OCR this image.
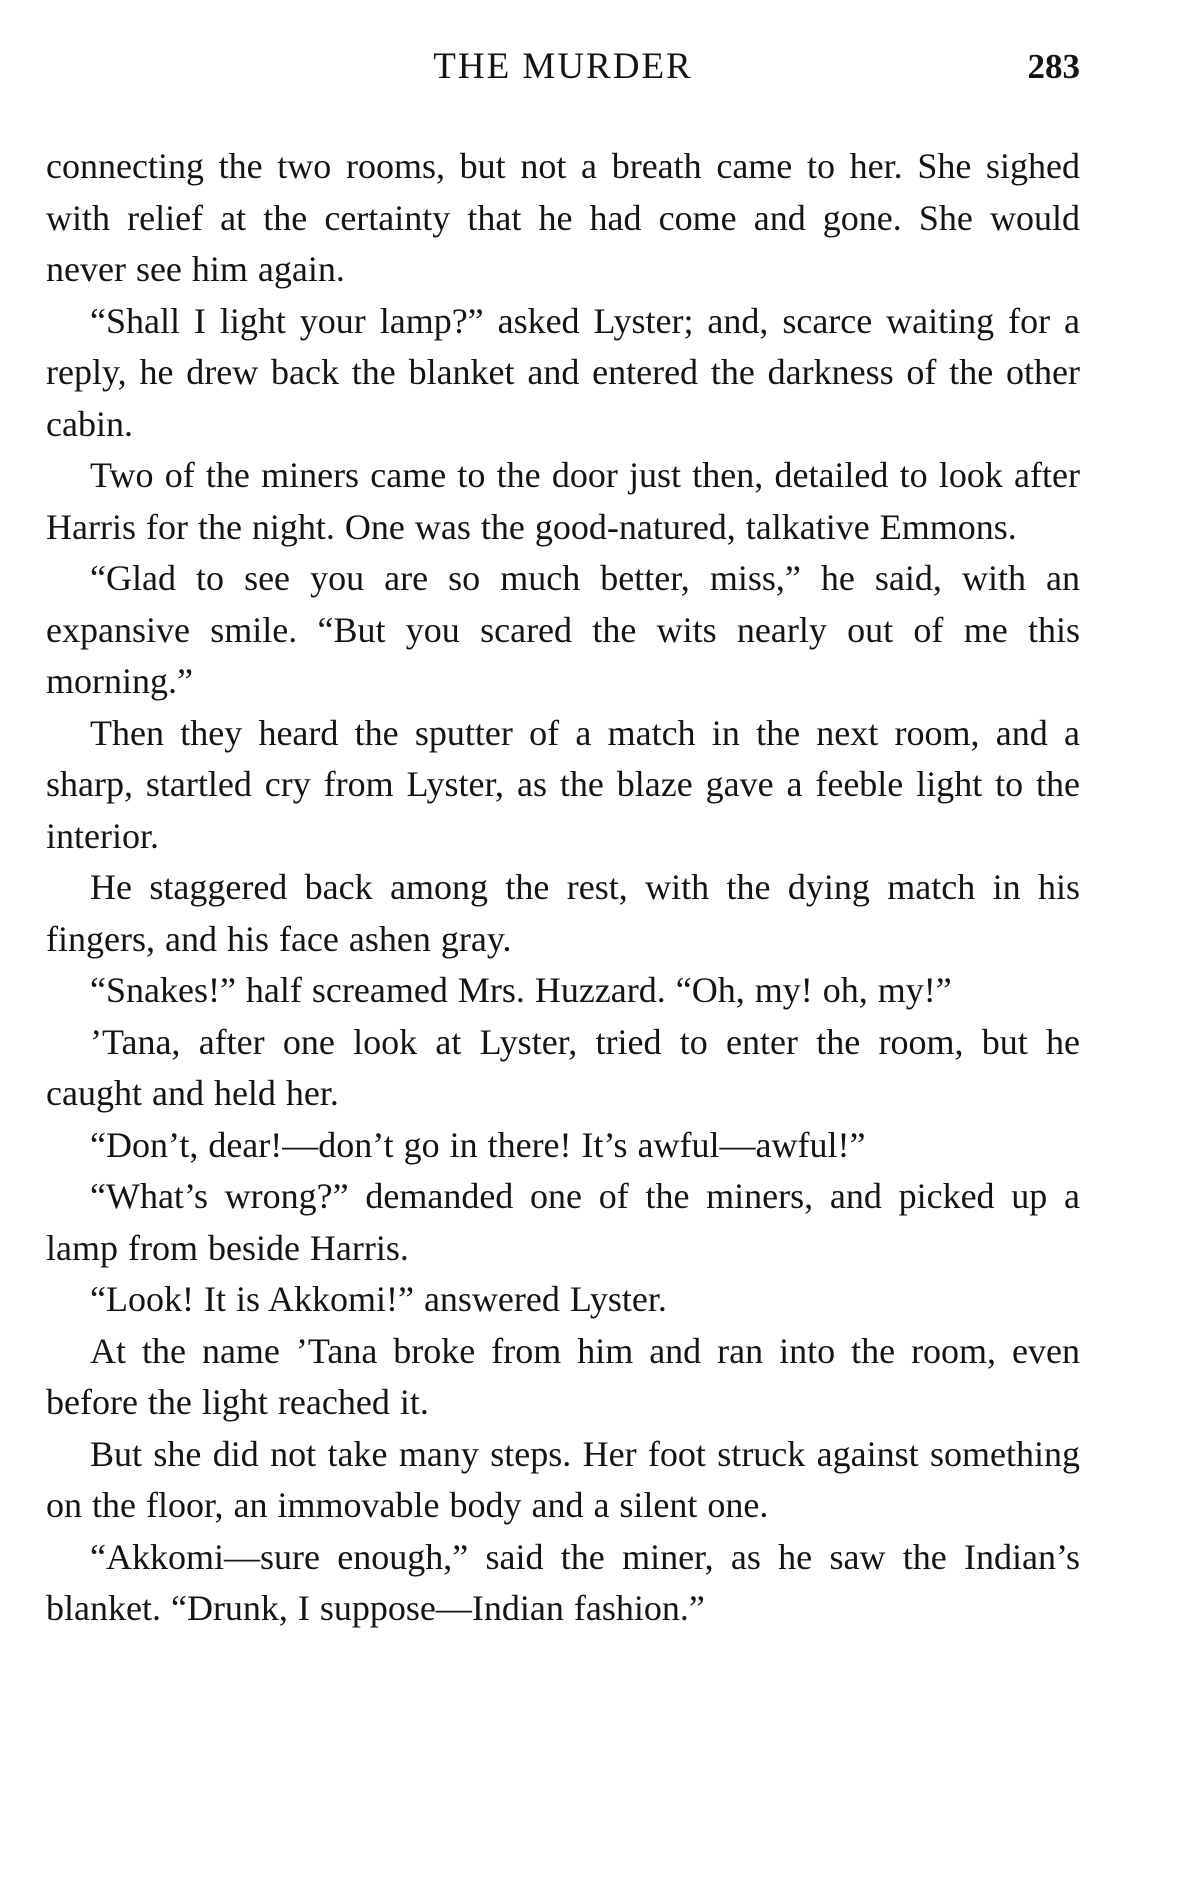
THE MURDER	283

connecting the two rooms, but not a breath came to her. She sighed with relief at the certainty that he had come and gone. She would never see him again.

“Shall I light your lamp?” asked Lyster; and, scarce waiting for a reply, he drew back the blanket and entered the darkness of the other cabin.

Two of the miners came to the door just then, detailed to look after Harris for the night. One was the good-natured, talkative Emmons.

“Glad to see you are so much better, miss,” he said, with an expansive smile. “But you scared the wits nearly out of me this morning.”

Then they heard the sputter of a match in the next room, and a sharp, startled cry from Lyster, as the blaze gave a feeble light to the interior.

He staggered back among the rest, with the dying match in his fingers, and his face ashen gray.

“Snakes!” half screamed Mrs. Huzzard. “Oh, my! oh, my!”

’Tana, after one look at Lyster, tried to enter the room, but he caught and held her.

“Don’t, dear!—don’t go in there! It’s awful—awful!”

“What’s wrong?” demanded one of the miners, and picked up a lamp from beside Harris.

“Look! It is Akkomi!” answered Lyster.

At the name ’Tana broke from him and ran into the room, even before the light reached it.

But she did not take many steps. Her foot struck against something on the floor, an immovable body and a silent one.

“Akkomi—sure enough,” said the miner, as he saw the Indian’s blanket. “Drunk, I suppose—Indian fashion.”
